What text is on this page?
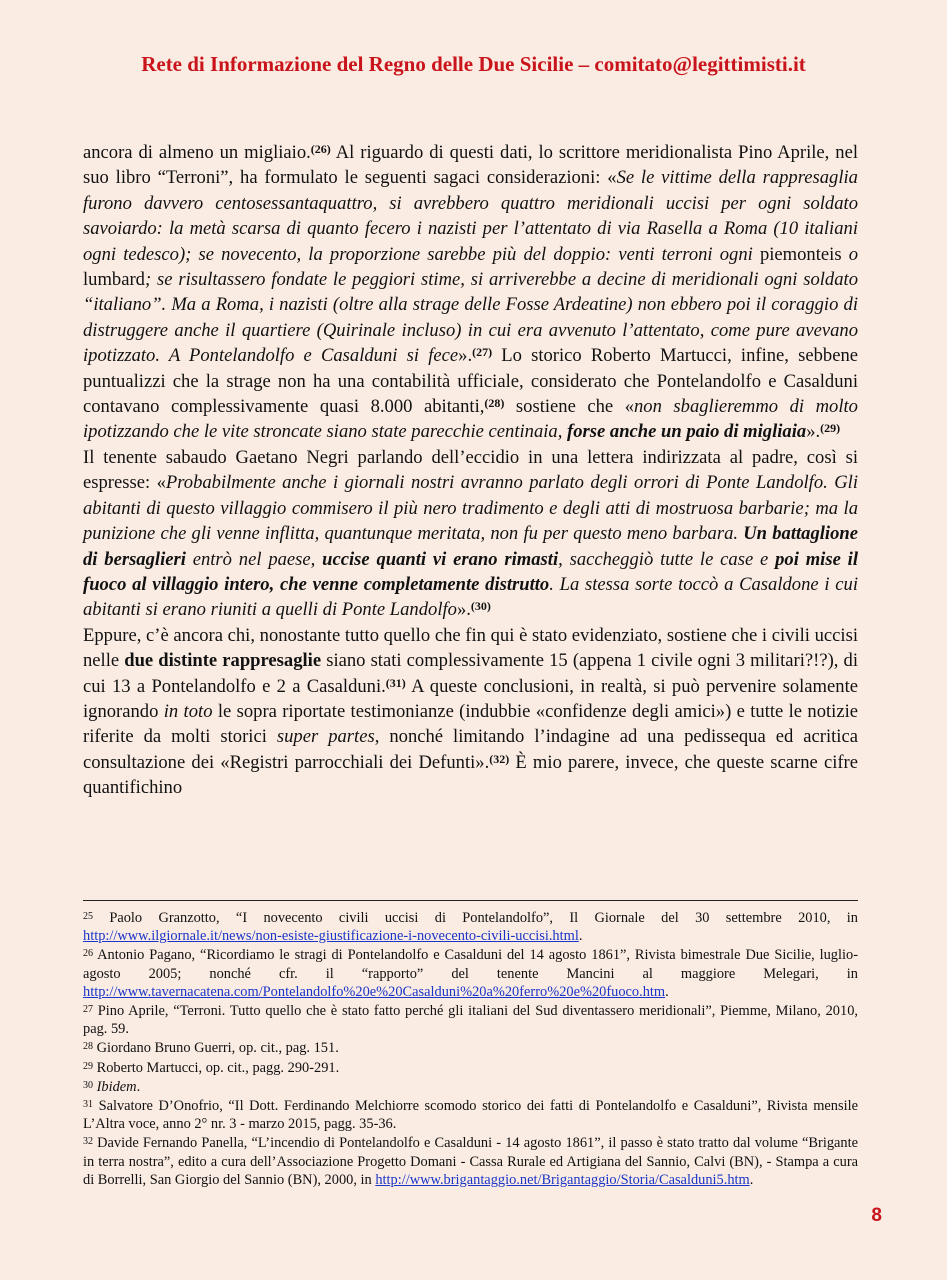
Rete di Informazione del Regno delle Due Sicilie – comitato@legittimisti.it

ancora di almeno un migliaio.$^{(26)}$ Al riguardo di questi dati, lo scrittore meridionalista Pino Aprile, nel suo libro “Terroni”, ha formulato le seguenti sagaci considerazioni: «Se le vittime della rappresaglia furono davvero centosessantaquattro, si avrebbero quattro meridionali uccisi per ogni soldato savoiardo: la metà scarsa di quanto fecero i nazisti per l’attentato di via Rasella a Roma (10 italiani ogni tedesco); se novecento, la proporzione sarebbe più del doppio: venti terroni ogni piemonteis o lumbard; se risultassero fondate le peggiori stime, si arriverebbe a decine di meridionali ogni soldato “italiano”. Ma a Roma, i nazisti (oltre alla strage delle Fosse Ardeatine) non ebbero poi il coraggio di distruggere anche il quartiere (Quirinale incluso) in cui era avvenuto l’attentato, come pure avevano ipotizzato. A Pontelandolfo e Casalduni si fece».$^{(27)}$ Lo storico Roberto Martucci, infine, sebbene puntualizzi che la strage non ha una contabilità ufficiale, considerato che Pontelandolfo e Casalduni contavano complessivamente quasi 8.000 abitanti,$^{(28)}$ sostiene che «non sbaglieremmo di molto ipotizzando che le vite stroncate siano state parecchie centinaia, forse anche un paio di migliaia».$^{(29)}$

Il tenente sabaudo Gaetano Negri parlando dell’eccidio in una lettera indirizzata al padre, così si espresse: «Probabilmente anche i giornali nostri avranno parlato degli orrori di Ponte Landolfo. Gli abitanti di questo villaggio commisero il più nero tradimento e degli atti di mostruosa barbarie; ma la punizione che gli venne inflitta, quantunque meritata, non fu per questo meno barbara. Un battaglione di bersaglieri entrò nel paese, uccise quanti vi erano rimasti, saccheggiò tutte le case e poi mise il fuoco al villaggio intero, che venne completamente distrutto. La stessa sorte toccò a Casaldone i cui abitanti si erano riuniti a quelli di Ponte Landolfo».$^{(30)}$

Eppure, c’è ancora chi, nonostante tutto quello che fin qui è stato evidenziato, sostiene che i civili uccisi nelle due distinte rappresaglie siano stati complessivamente 15 (appena 1 civile ogni 3 militari?!?), di cui 13 a Pontelandolfo e 2 a Casalduni.$^{(31)}$ A queste conclusioni, in realtà, si può pervenire solamente ignorando in toto le sopra riportate testimonianze (indubbie «confidenze degli amici») e tutte le notizie riferite da molti storici super partes, nonché limitando l’indagine ad una pedissequa ed acritica consultazione dei «Registri parrocchiali dei Defunti».$^{(32)}$ È mio parere, invece, che queste scarne cifre quantifichino

$^{25}$ Paolo Granzotto, “I novecento civili uccisi di Pontelandolfo”, Il Giornale del 30 settembre 2010, in http://www.ilgiornale.it/news/non-esiste-giustificazione-i-novecento-civili-uccisi.html.

$^{26}$ Antonio Pagano, “Ricordiamo le stragi di Pontelandolfo e Casalduni del 14 agosto 1861”, Rivista bimestrale Due Sicilie, luglio-agosto 2005; nonché cfr. il “rapporto” del tenente Mancini al maggiore Melegari, in http://www.tavernacatena.com/Pontelandolfo%20e%20Casalduni%20a%20ferro%20e%20fuoco.htm.

$^{27}$ Pino Aprile, “Terroni. Tutto quello che è stato fatto perché gli italiani del Sud diventassero meridionali”, Piemme, Milano, 2010, pag. 59.

$^{28}$ Giordano Bruno Guerri, op. cit., pag. 151.

$^{29}$ Roberto Martucci, op. cit., pagg. 290-291.

$^{30}$ Ibidem.

$^{31}$ Salvatore D’Onofrio, “Il Dott. Ferdinando Melchiorre scomodo storico dei fatti di Pontelandolfo e Casalduni”, Rivista mensile L’Altra voce, anno 2° nr. 3 - marzo 2015, pagg. 35-36.

$^{32}$ Davide Fernando Panella, “L’incendio di Pontelandolfo e Casalduni - 14 agosto 1861”, il passo è stato tratto dal volume “Brigante in terra nostra”, edito a cura dell’Associazione Progetto Domani - Cassa Rurale ed Artigiana del Sannio, Calvi (BN), - Stampa a cura di Borrelli, San Giorgio del Sannio (BN), 2000, in http://www.brigantaggio.net/Brigantaggio/Storia/Casalduni5.htm.

8
